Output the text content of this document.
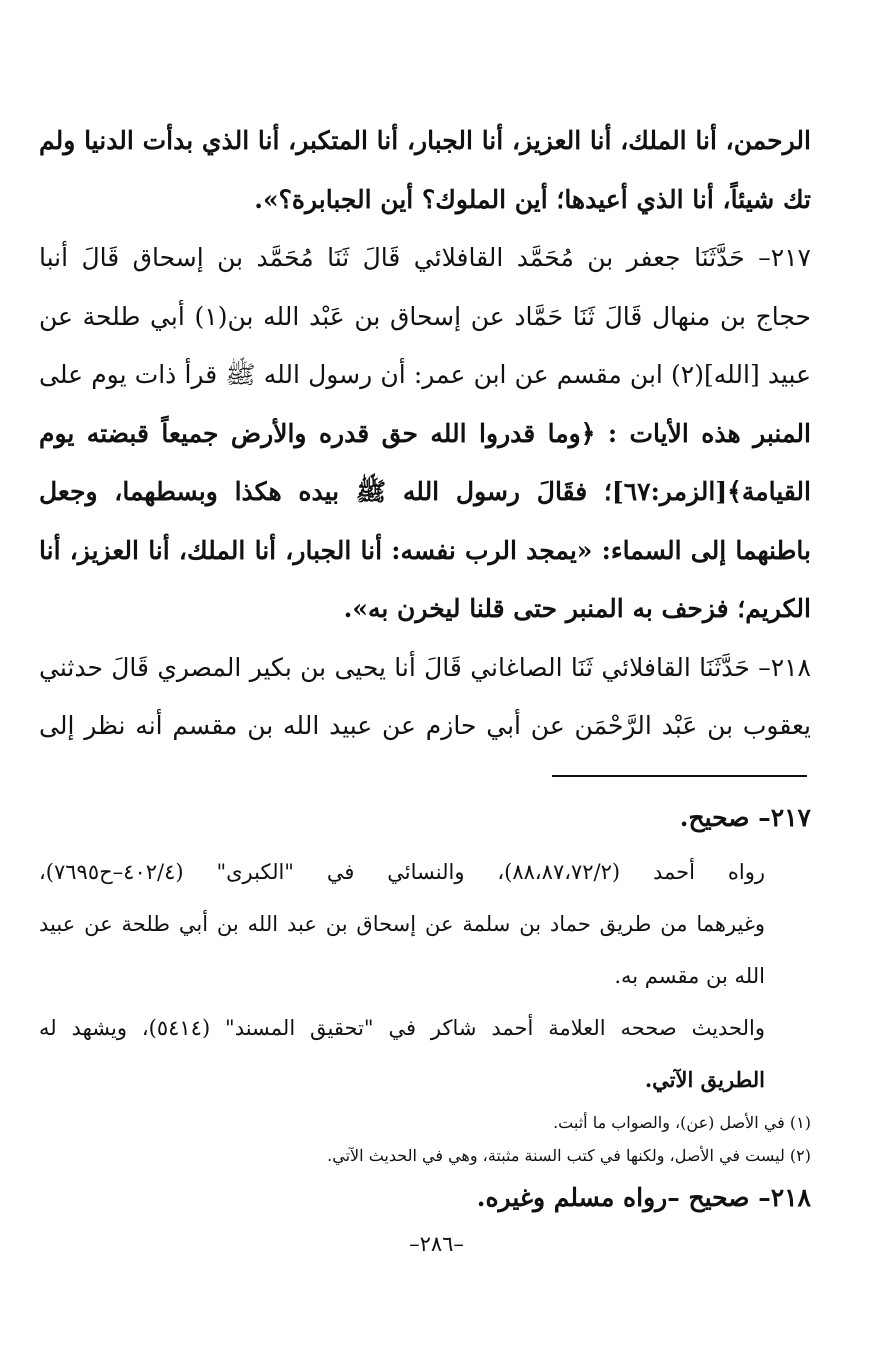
الرحمن، أنا الملك، أنا العزيز، أنا الجبار، أنا المتكبر، أنا الذي بدأت الدنيا ولم
تك شيئاً، أنا الذي أعيدها؛ أين الملوك؟ أين الجبابرة؟».
٢١٧– حَدَّثَنَا جعفر بن مُحَمَّد القافلائي قَالَ ثَنَا مُحَمَّد بن إسحاق قَالَ أنبا
حجاج بن منهال قَالَ ثَنَا حَمَّاد عن إسحاق بن عَبْد الله بن(١) أبي طلحة عن
عبيد [الله](٢) ابن مقسم عن ابن عمر: أن رسول الله ﷺ قرأ ذات يوم على
المنبر هذه الأيات : ﴿وما قدروا الله حق قدره والأرض جميعاً قبضته يوم
القيامة﴾[الزمر:٦٧]؛ فقَالَ رسول الله ﷺ بيده هكذا وبسطهما، وجعل
باطنهما إلى السماء: «يمجد الرب نفسه: أنا الجبار، أنا الملك، أنا العزيز، أنا
الكريم؛ فزحف به المنبر حتى قلنا ليخرن به».
٢١٨– حَدَّثَنَا القافلائي ثَنَا الصاغاني قَالَ أنا يحيى بن بكير المصري قَالَ حدثني
يعقوب بن عَبْد الرَّحْمَن عن أبي حازم عن عبيد الله بن مقسم أنه نظر إلى
٢١٧– صحيح.
رواه أحمد (٨٨،٨٧،٧٢/٢)، والنسائي في "الكبرى" (٤٠٢/٤–ح٧٦٩٥)،
وغيرهما من طريق حماد بن سلمة عن إسحاق بن عبد الله بن أبي طلحة عن عبيد
الله بن مقسم به.
والحديث صححه العلامة أحمد شاكر في "تحقيق المسند" (٥٤١٤)، ويشهد له
الطريق الآتي.
(١) في الأصل (عن)، والصواب ما أثبت.
(٢) ليست في الأصل، ولكنها في كتب السنة مثبتة، وهي في الحديث الآتي.
٢١٨– صحيح –رواه مسلم وغيره.
–٢٨٦–
